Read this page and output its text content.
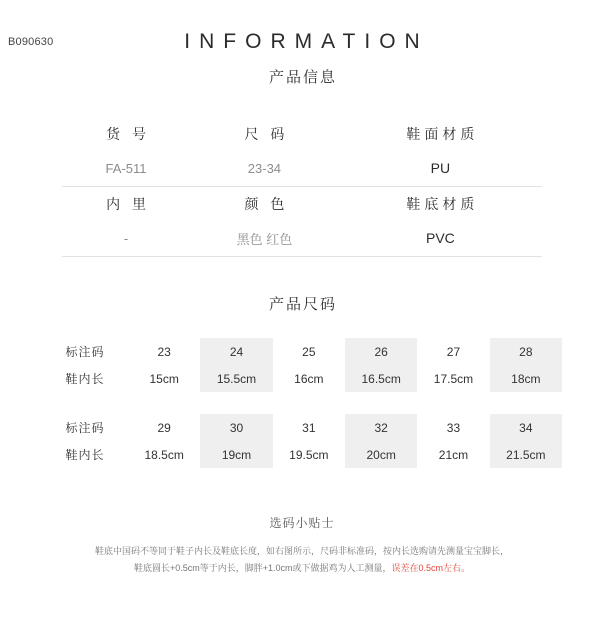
B090630	INFORMATION
产品信息
货 号	尺 码	鞋面材质
FA-511	23-34	PU

内 里	颜 色	鞋底材质
-	黑色 红色	PVC

产品尺码
标注码	23	24	25	26	27	28
鞋内长	15cm	15.5cm	16cm	16.5cm	17.5cm	18cm
标注码	29	30	31	32	33	34
鞋内长	18.5cm	19cm	19.5cm	20cm	21cm	21.5cm
选码小贴士
鞋底中国码不等同于鞋子内长及鞋底长度，如右图所示，尺码非标准码，按内长选购请先测量宝宝脚长，
鞋底圆长+0.5cm等于内长，脚胖+1.0cm或下做据鸡为人工测量，误差在0.5cm左右。
